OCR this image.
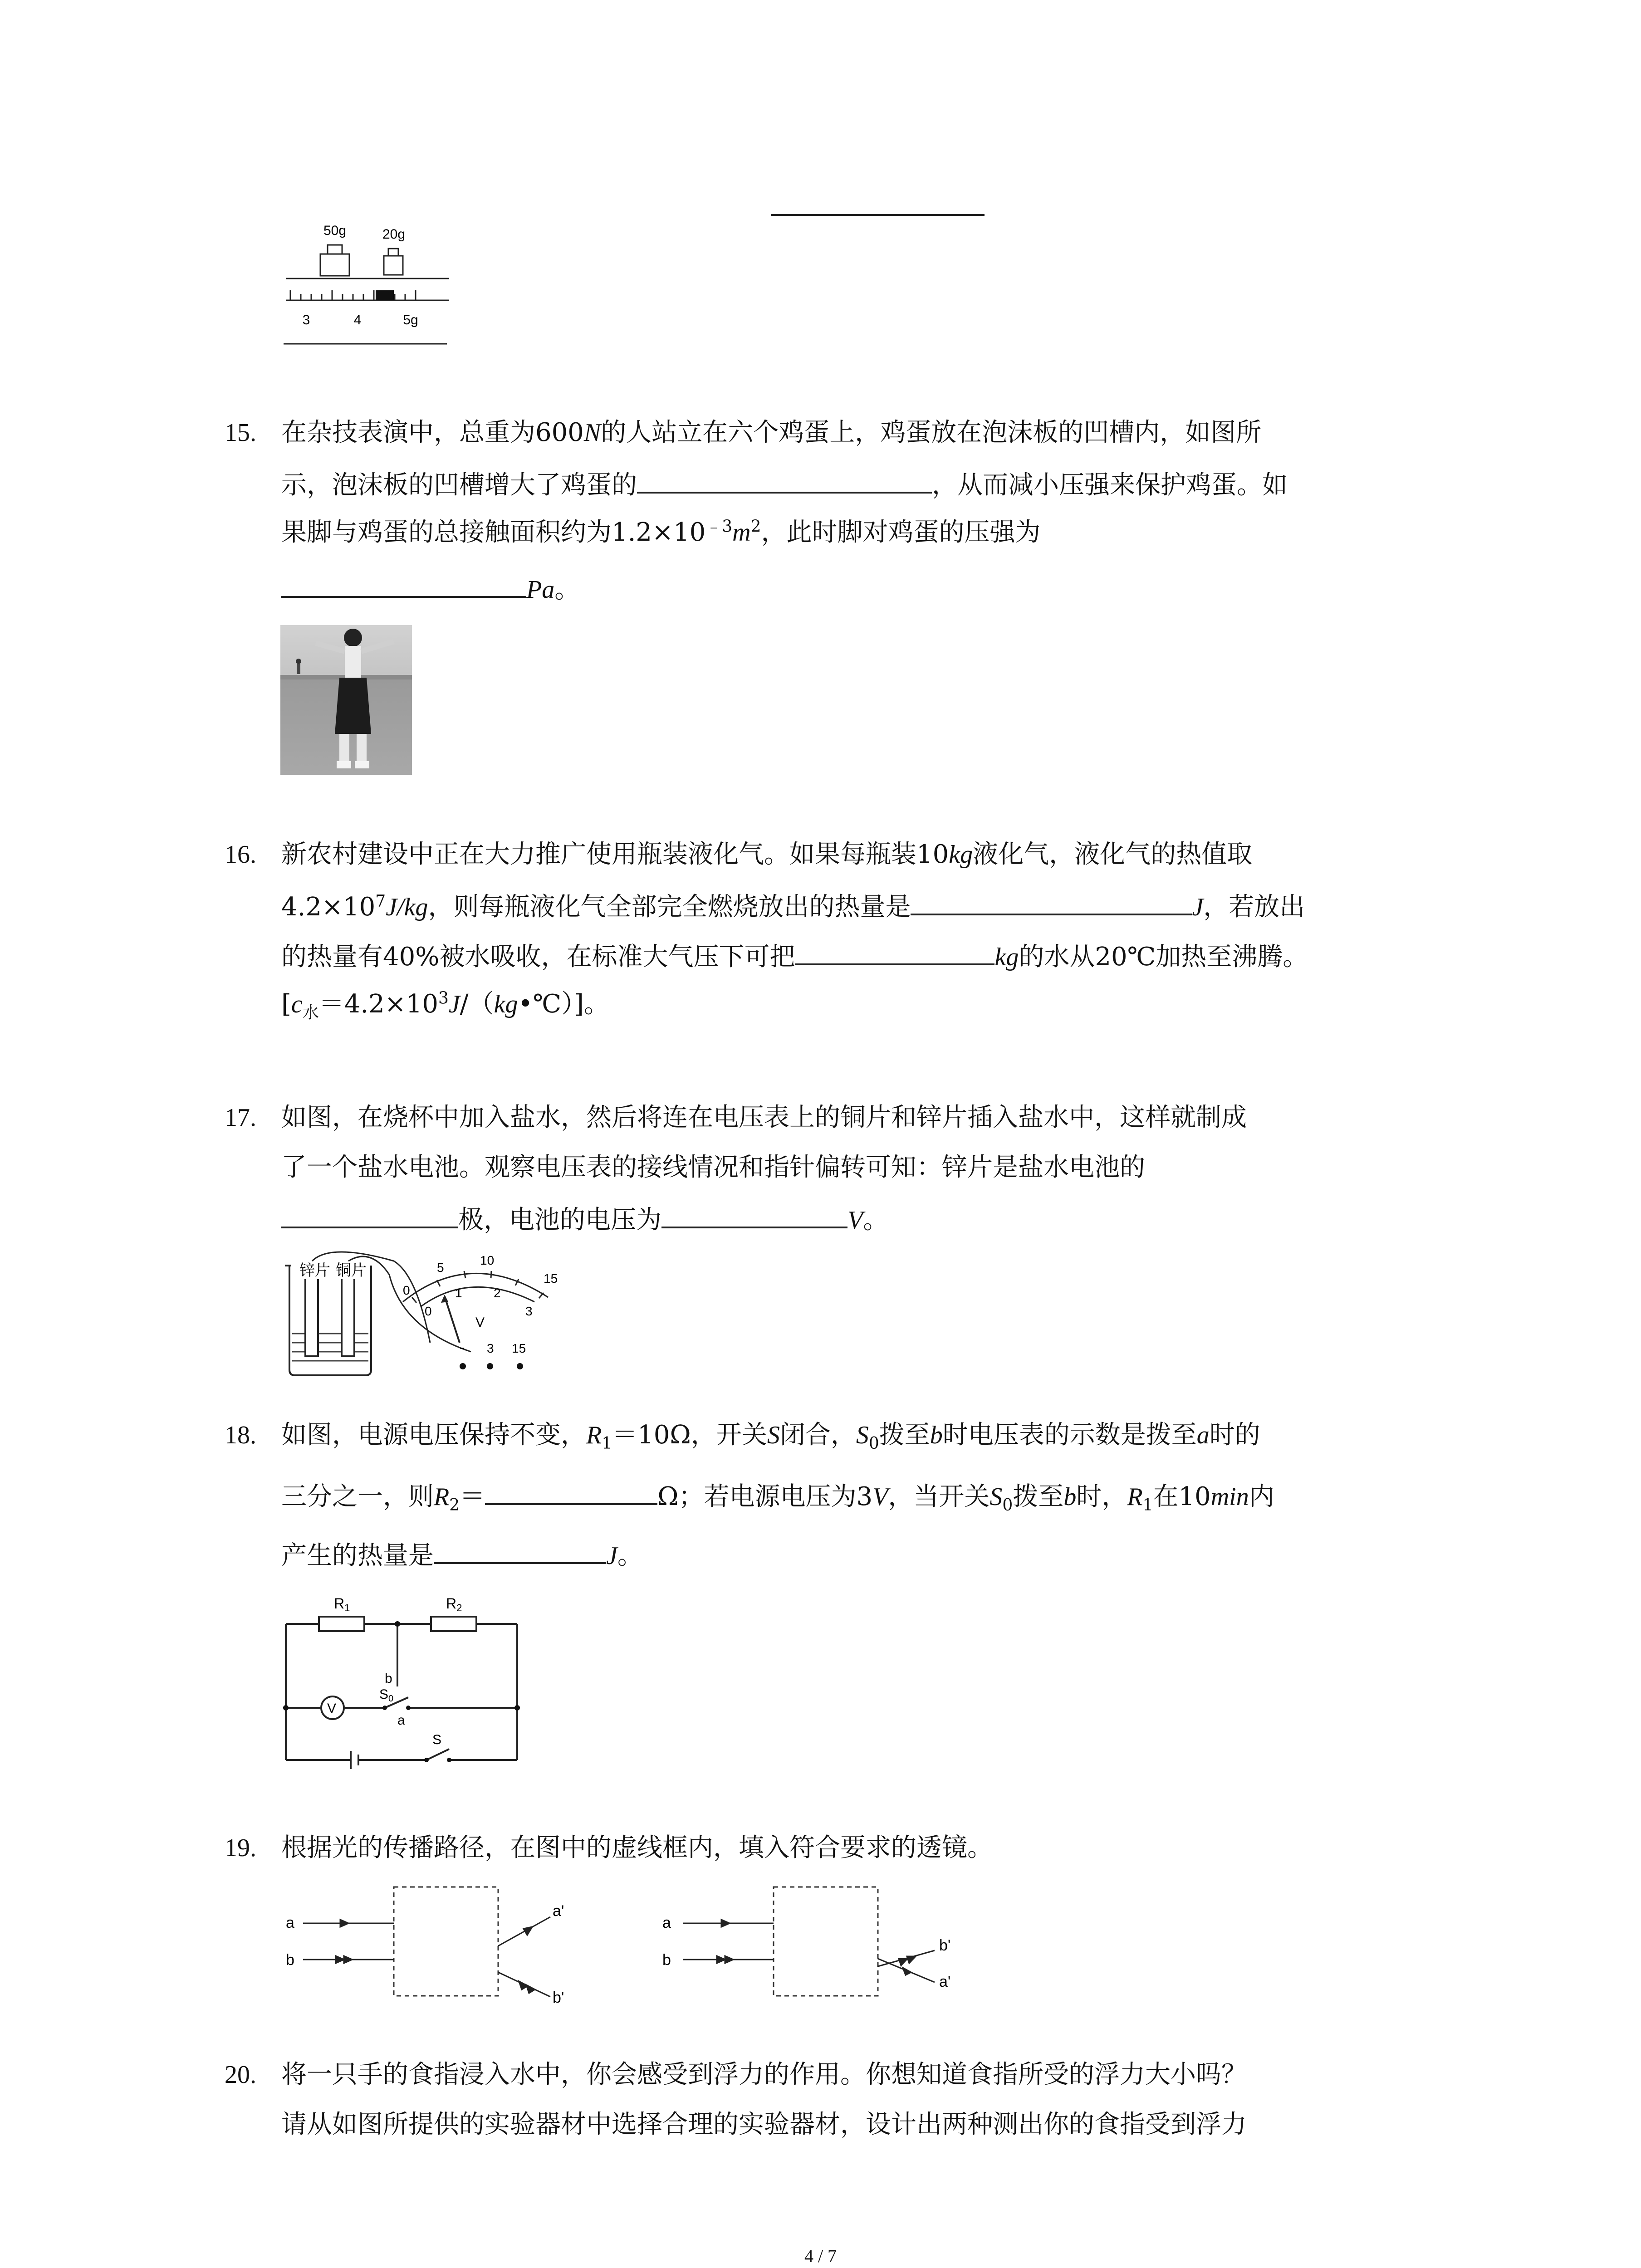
50g	20g
3	4	5g
15. 在杂技表演中，总重为600N的人站立在六个鸡蛋上，鸡蛋放在泡沫板的凹槽内，如图所
示，泡沫板的凹槽增大了鸡蛋的	，从而减小压强来保护鸡蛋。如
果脚与鸡蛋的总接触面积约为$1.2\times 10^{﹣3}m^2$，此时脚对鸡蛋的压强为
Pa。
16. 新农村建设中正在大力推广使用瓶装液化气。如果每瓶装10kg液化气，液化气的热值取
$4.2\times 10^7J/kg$，则每瓶液化气全部完全燃烧放出的热量是	J，若放出
的热量有40%被水吸收，在标准大气压下可把	kg的水从20℃加热至沸腾。
$[c_水=4.2\times 10^3J/(kg•℃)]$。
17. 如图，在烧杯中加入盐水，然后将连在电压表上的铜片和锌片插入盐水中，这样就制成
了一个盐水电池。观察电压表的接线情况和指针偏转可知：锌片是盐水电池的
极，电池的电压为	V。
锌片 铜片
0
5
10
15
0
1 2
3
V
- 3 15
18. 如图，电源电压保持不变，$R_1=10\Omega$，开关S闭合，$S_0$拨至b时电压表的示数是拨至a时的
三分之一，则$R_2=$	Ω；若电源电压为3V，当开关$S_0$拨至b时，$R_1$在10min内
产生的热量是	J。
R1	R2
b
$S_0$
a
S
V
19. 根据光的传播路径，在图中的虚线框内，填入符合要求的透镜。
a
b
a'
b'
a
b
b'
a'
20. 将一只手的食指浸入水中，你会感受到浮力的作用。你想知道食指所受的浮力大小吗？
请从如图所提供的实验器材中选择合理的实验器材，设计出两种测出你的食指受到浮力
4 / 7
